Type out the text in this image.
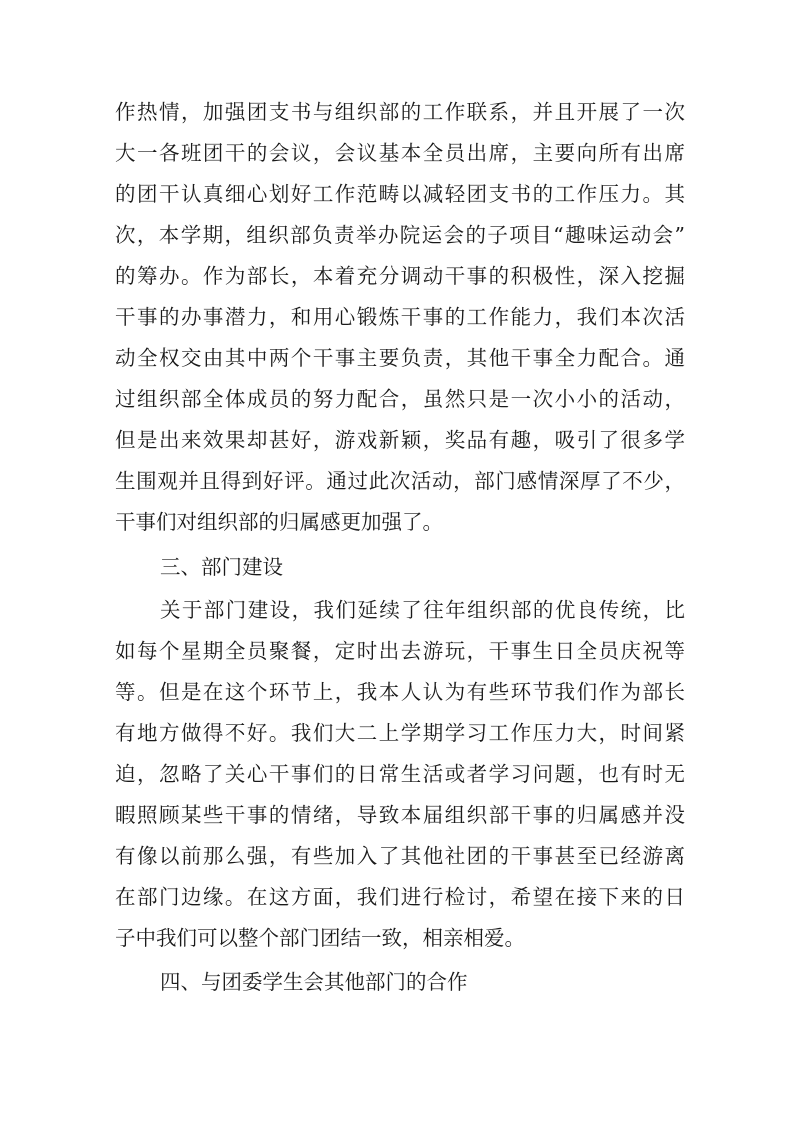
作热情，加强团支书与组织部的工作联系，并且开展了一次
大一各班团干的会议，会议基本全员出席，主要向所有出席
的团干认真细心划好工作范畴以减轻团支书的工作压力。其
次，本学期，组织部负责举办院运会的子项目“趣味运动会”
的筹办。作为部长，本着充分调动干事的积极性，深入挖掘
干事的办事潜力，和用心锻炼干事的工作能力，我们本次活
动全权交由其中两个干事主要负责，其他干事全力配合。通
过组织部全体成员的努力配合，虽然只是一次小小的活动，
但是出来效果却甚好，游戏新颖，奖品有趣，吸引了很多学
生围观并且得到好评。通过此次活动，部门感情深厚了不少，
干事们对组织部的归属感更加强了。
三、部门建设
关于部门建设，我们延续了往年组织部的优良传统，比
如每个星期全员聚餐，定时出去游玩，干事生日全员庆祝等
等。但是在这个环节上，我本人认为有些环节我们作为部长
有地方做得不好。我们大二上学期学习工作压力大，时间紧
迫，忽略了关心干事们的日常生活或者学习问题，也有时无
暇照顾某些干事的情绪，导致本届组织部干事的归属感并没
有像以前那么强，有些加入了其他社团的干事甚至已经游离
在部门边缘。在这方面，我们进行检讨，希望在接下来的日
子中我们可以整个部门团结一致，相亲相爱。
四、与团委学生会其他部门的合作
